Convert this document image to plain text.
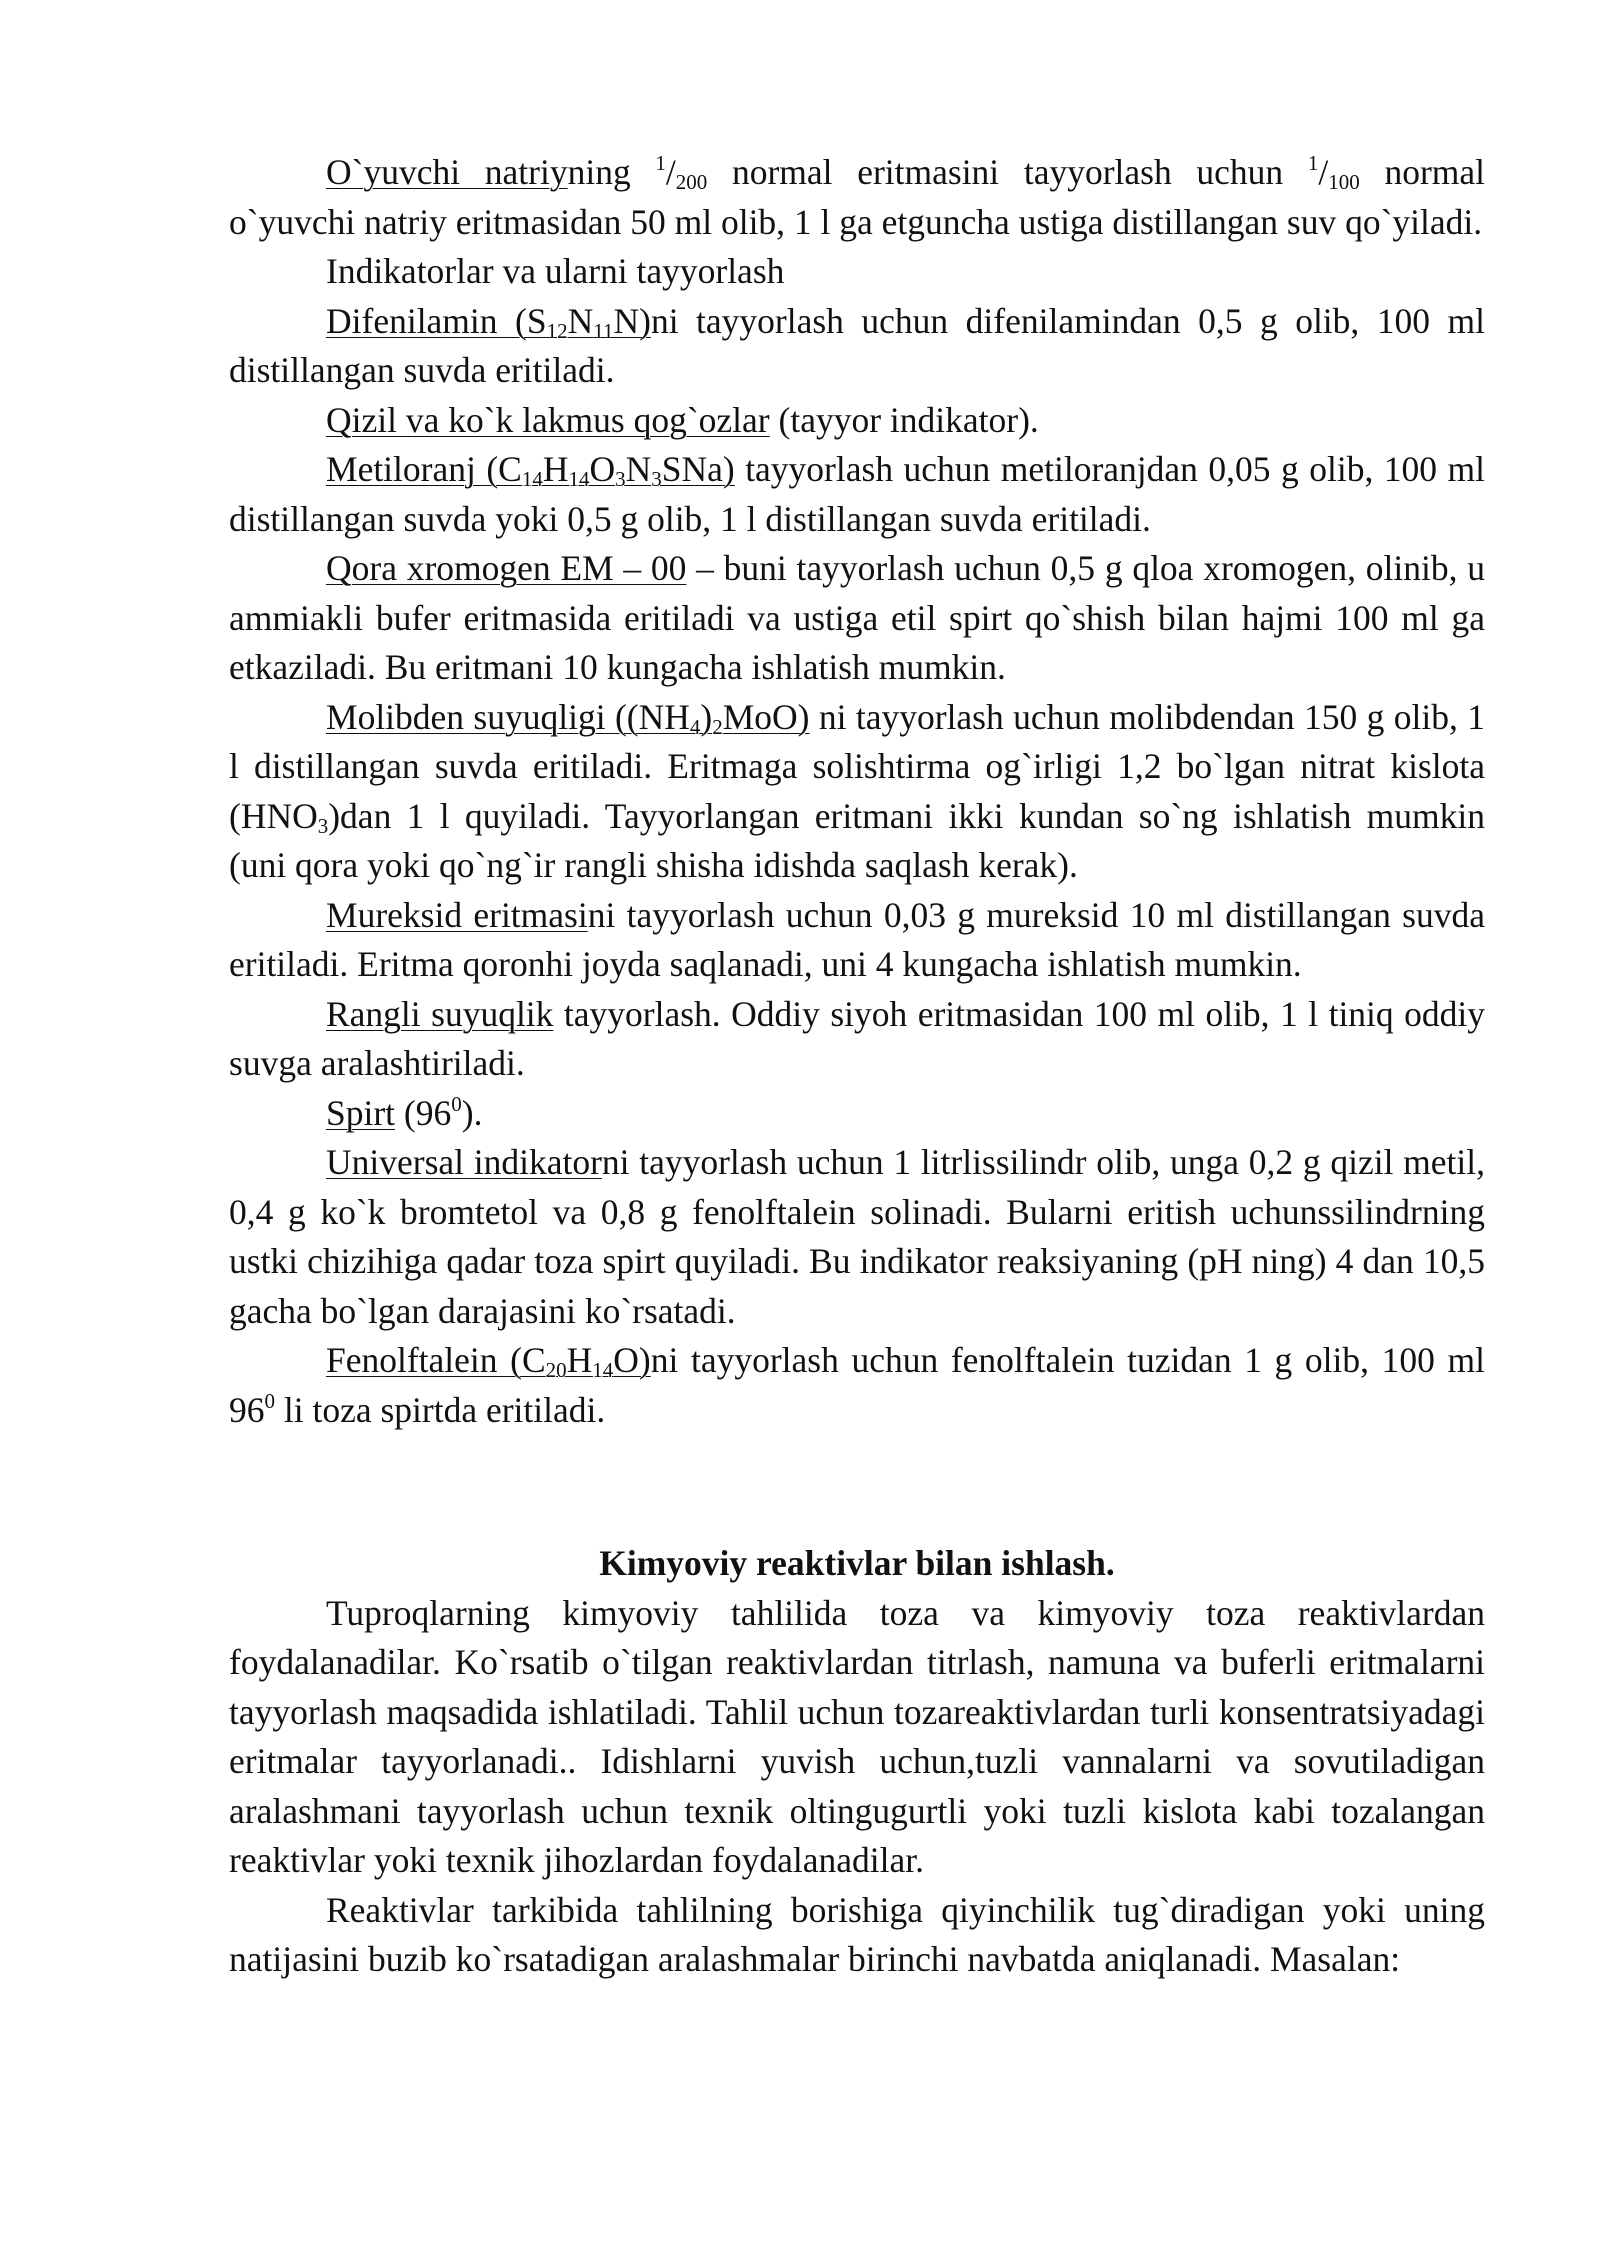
O`yuvchi natriyning $^1/_{200}$ normal eritmasini tayyorlash uchun $^1/_{100}$ normal o`yuvchi natriy eritmasidan 50 ml olib, 1 l ga etguncha ustiga distillangan suv qo`yiladi.

Indikatorlar va ularni tayyorlash

Difenilamin $(S_{12}N_{11}N)ni$ tayyorlash uchun difenilamindan 0,5 g olib, 100 ml distillangan suvda eritiladi.

Qizil va ko`k lakmus qog`ozlar (tayyor indikator).

Metiloranj $(C_{14}H_{14}O_3N_3SNa)$ tayyorlash uchun metiloranjdan 0,05 g olib, 100 ml distillangan suvda yoki 0,5 g olib, 1 l distillangan suvda eritiladi.

Qora xromogen EM – 00 – buni tayyorlash uchun 0,5 g qloa xromogen, olinib, u ammiakli bufer eritmasida eritiladi va ustiga etil spirt qo`shish bilan hajmi 100 ml ga etkaziladi. Bu eritmani 10 kungacha ishlatish mumkin.

Molibden suyuqligi $((NH_4)_2MoO)$ ni tayyorlash uchun molibdendan 150 g olib, 1 l distillangan suvda eritiladi. Eritmaga solishtirma og`irligi 1,2 bo`lgan nitrat kislota $(HNO_3)dan$ 1 l quyiladi. Tayyorlangan eritmani ikki kundan so`ng ishlatish mumkin (uni qora yoki qo`ng`ir rangli shisha idishda saqlash kerak).

Mureksid eritmasini tayyorlash uchun 0,03 g mureksid 10 ml distillangan suvda eritiladi. Eritma qoronhi joyda saqlanadi, uni 4 kungacha ishlatish mumkin.

Rangli suyuqlik tayyorlash. Oddiy siyoh eritmasidan 100 ml olib, 1 l tiniq oddiy suvga aralashtiriladi.

Spirt $(96^0)$.

Universal indikatorni tayyorlash uchun 1 litrlissilindr olib, unga 0,2 g qizil metil, 0,4 g ko`k bromtetol va 0,8 g fenolftalein solinadi. Bularni eritish uchunssilindrning ustki chizihiga qadar toza spirt quyiladi. Bu indikator reaksiyaning (pH ning) 4 dan 10,5 gacha bo`lgan darajasini ko`rsatadi.

Fenolftalein $(C_{20}H_{14}O)ni$ tayyorlash uchun fenolftalein tuzidan 1 g olib, 100 ml $96^0$ li toza spirtda eritiladi.

Kimyoviy reaktivlar bilan ishlash.

Tuproqlarning kimyoviy tahlilida toza va kimyoviy toza reaktivlardan foydalanadilar. Ko`rsatib o`tilgan reaktivlardan titrlash, namuna va buferli eritmalarni tayyorlash maqsadida ishlatiladi. Tahlil uchun tozareaktivlardan turli konsentratsiyadagi eritmalar tayyorlanadi.. Idishlarni yuvish uchun,tuzli vannalarni va sovutiladigan aralashmani tayyorlash uchun texnik oltingugurtli yoki tuzli kislota kabi tozalangan reaktivlar yoki texnik jihozlardan foydalanadilar.

Reaktivlar tarkibida tahlilning borishiga qiyinchilik tug`diradigan yoki uning natijasini buzib ko`rsatadigan aralashmalar birinchi navbatda aniqlanadi. Masalan:
